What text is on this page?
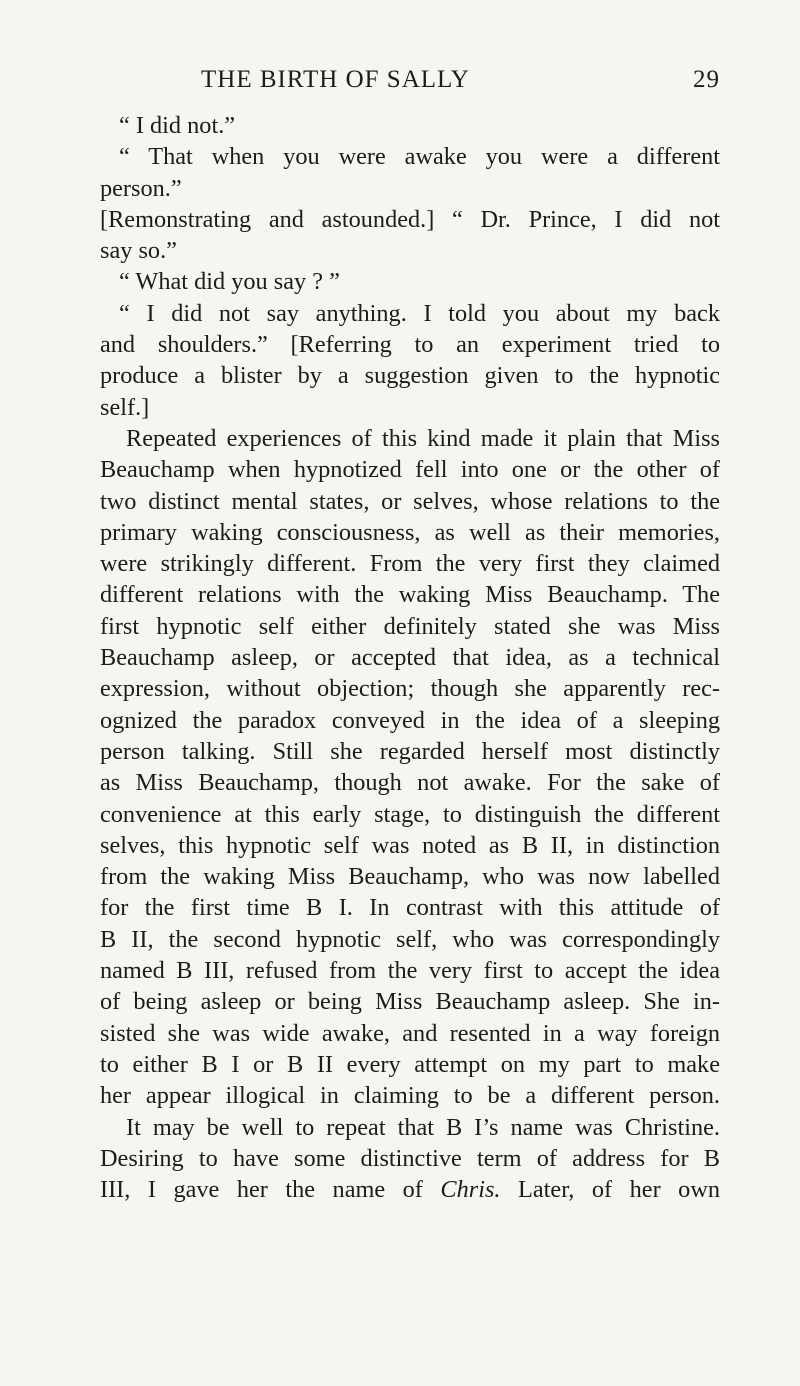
THE BIRTH OF SALLY	29
“ I did not.”
“ That when you were awake you were a different
person.”
[Remonstrating and astounded.] “ Dr. Prince, I did not
say so.”
“ What did you say ? ”
“ I did not say anything. I told you about my back
and shoulders.” [Referring to an experiment tried to
produce a blister by a suggestion given to the hypnotic
self.]
Repeated experiences of this kind made it plain that Miss
Beauchamp when hypnotized fell into one or the other of
two distinct mental states, or selves, whose relations to the
primary waking consciousness, as well as their memories,
were strikingly different. From the very first they claimed
different relations with the waking Miss Beauchamp. The
first hypnotic self either definitely stated she was Miss
Beauchamp asleep, or accepted that idea, as a technical
expression, without objection; though she apparently rec-
ognized the paradox conveyed in the idea of a sleeping
person talking. Still she regarded herself most distinctly
as Miss Beauchamp, though not awake. For the sake of
convenience at this early stage, to distinguish the different
selves, this hypnotic self was noted as B II, in distinction
from the waking Miss Beauchamp, who was now labelled
for the first time B I. In contrast with this attitude of
B II, the second hypnotic self, who was correspondingly
named B III, refused from the very first to accept the idea
of being asleep or being Miss Beauchamp asleep. She in-
sisted she was wide awake, and resented in a way foreign
to either B I or B II every attempt on my part to make
her appear illogical in claiming to be a different person.
It may be well to repeat that B I’s name was Christine.
Desiring to have some distinctive term of address for B
III, I gave her the name of Chris. Later, of her own
